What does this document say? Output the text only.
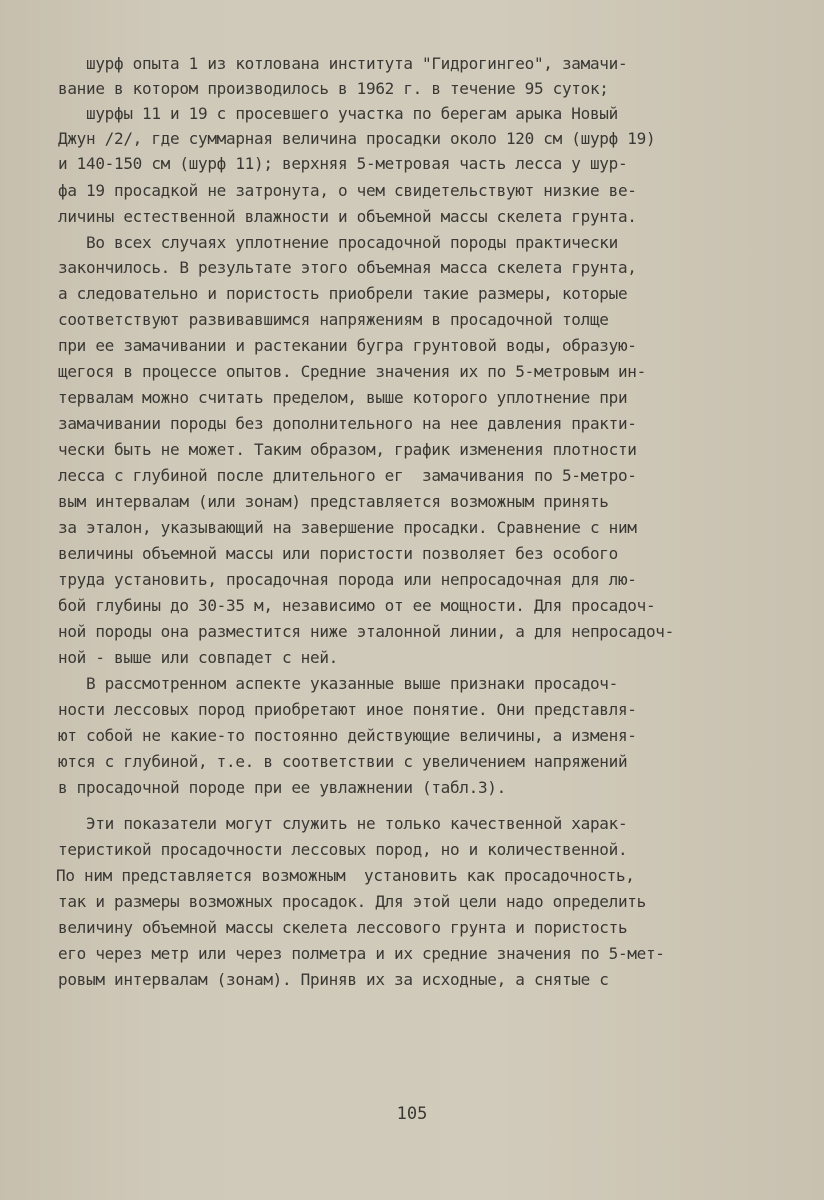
шурф опыта 1 из котлована института "Гидрогингео", замачи-
вание в котором производилось в 1962 г. в течение 95 суток;
шурфы 11 и 19 с просевшего участка по берегам арыка Новый
Джун /2/, где суммарная величина просадки около 120 см (шурф 19)
и 140-150 см (шурф 11); верхняя 5-метровая часть лесса у шур-
фа 19 просадкой не затронута, о чем свидетельствуют низкие ве-
личины естественной влажности и объемной массы скелета грунта.
Во всех случаях уплотнение просадочной породы практически
закончилось. В результате этого объемная масса скелета грунта,
а следовательно и пористость приобрели такие размеры, которые
соответствуют развивавшимся напряжениям в просадочной толще
при ее замачивании и растекании бугра грунтовой воды, образую-
щегося в процессе опытов. Средние значения их по 5-метровым ин-
тервалам можно считать пределом, выше которого уплотнение при
замачивании породы без дополнительного на нее давления практи-
чески быть не может. Таким образом, график изменения плотности
лесса с глубиной после длительного ег  замачивания по 5-метро-
вым интервалам (или зонам) представляется возможным принять
за эталон, указывающий на завершение просадки. Сравнение с ним
величины объемной массы или пористости позволяет без особого
труда установить, просадочная порода или непросадочная для лю-
бой глубины до 30-35 м, независимо от ее мощности. Для просадоч-
ной породы она разместится ниже эталонной линии, а для непросадоч-
ной - выше или совпадет с ней.
В рассмотренном аспекте указанные выше признаки просадоч-
ности лессовых пород приобретают иное понятие. Они представля-
ют собой не какие-то постоянно действующие величины, а изменя-
ются с глубиной, т.е. в соответствии с увеличением напряжений
в просадочной породе при ее увлажнении (табл.3).
Эти показатели могут служить не только качественной харак-
теристикой просадочности лессовых пород, но и количественной.
По ним представляется возможным  установить как просадочность,
так и размеры возможных просадок. Для этой цели надо определить
величину объемной массы скелета лессового грунта и пористость
его через метр или через полметра и их средние значения по 5-мет-
ровым интервалам (зонам). Приняв их за исходные, а снятые с
105
